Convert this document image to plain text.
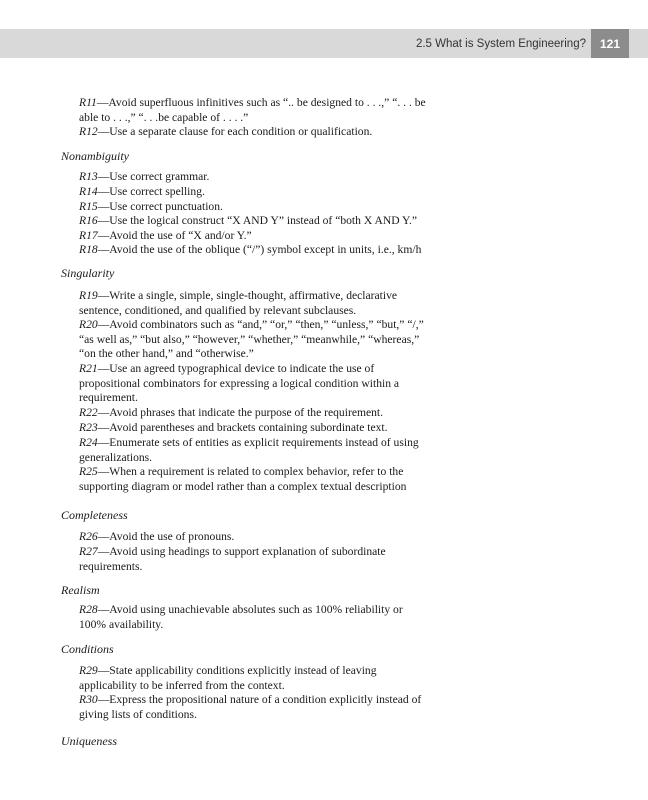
2.5 What is System Engineering?	121
R11—Avoid superfluous infinitives such as “.. be designed to . . .,” “. . . be
able to . . .,” “. . .be capable of . . . .”
R12—Use a separate clause for each condition or qualification.
Nonambiguity
R13—Use correct grammar.
R14—Use correct spelling.
R15—Use correct punctuation.
R16—Use the logical construct “X AND Y” instead of “both X AND Y.”
R17—Avoid the use of “X and/or Y.”
R18—Avoid the use of the oblique (“/”) symbol except in units, i.e., km/h
Singularity
R19—Write a single, simple, single-thought, affirmative, declarative
sentence, conditioned, and qualified by relevant subclauses.
R20—Avoid combinators such as “and,” “or,” “then,” “unless,” “but,” “/,”
“as well as,” “but also,” “however,” “whether,” “meanwhile,” “whereas,”
“on the other hand,” and “otherwise.”
R21—Use an agreed typographical device to indicate the use of
propositional combinators for expressing a logical condition within a
requirement.
R22—Avoid phrases that indicate the purpose of the requirement.
R23—Avoid parentheses and brackets containing subordinate text.
R24—Enumerate sets of entities as explicit requirements instead of using
generalizations.
R25—When a requirement is related to complex behavior, refer to the
supporting diagram or model rather than a complex textual description
Completeness
R26—Avoid the use of pronouns.
R27—Avoid using headings to support explanation of subordinate
requirements.
Realism
R28—Avoid using unachievable absolutes such as 100% reliability or
100% availability.
Conditions
R29—State applicability conditions explicitly instead of leaving
applicability to be inferred from the context.
R30—Express the propositional nature of a condition explicitly instead of
giving lists of conditions.
Uniqueness
